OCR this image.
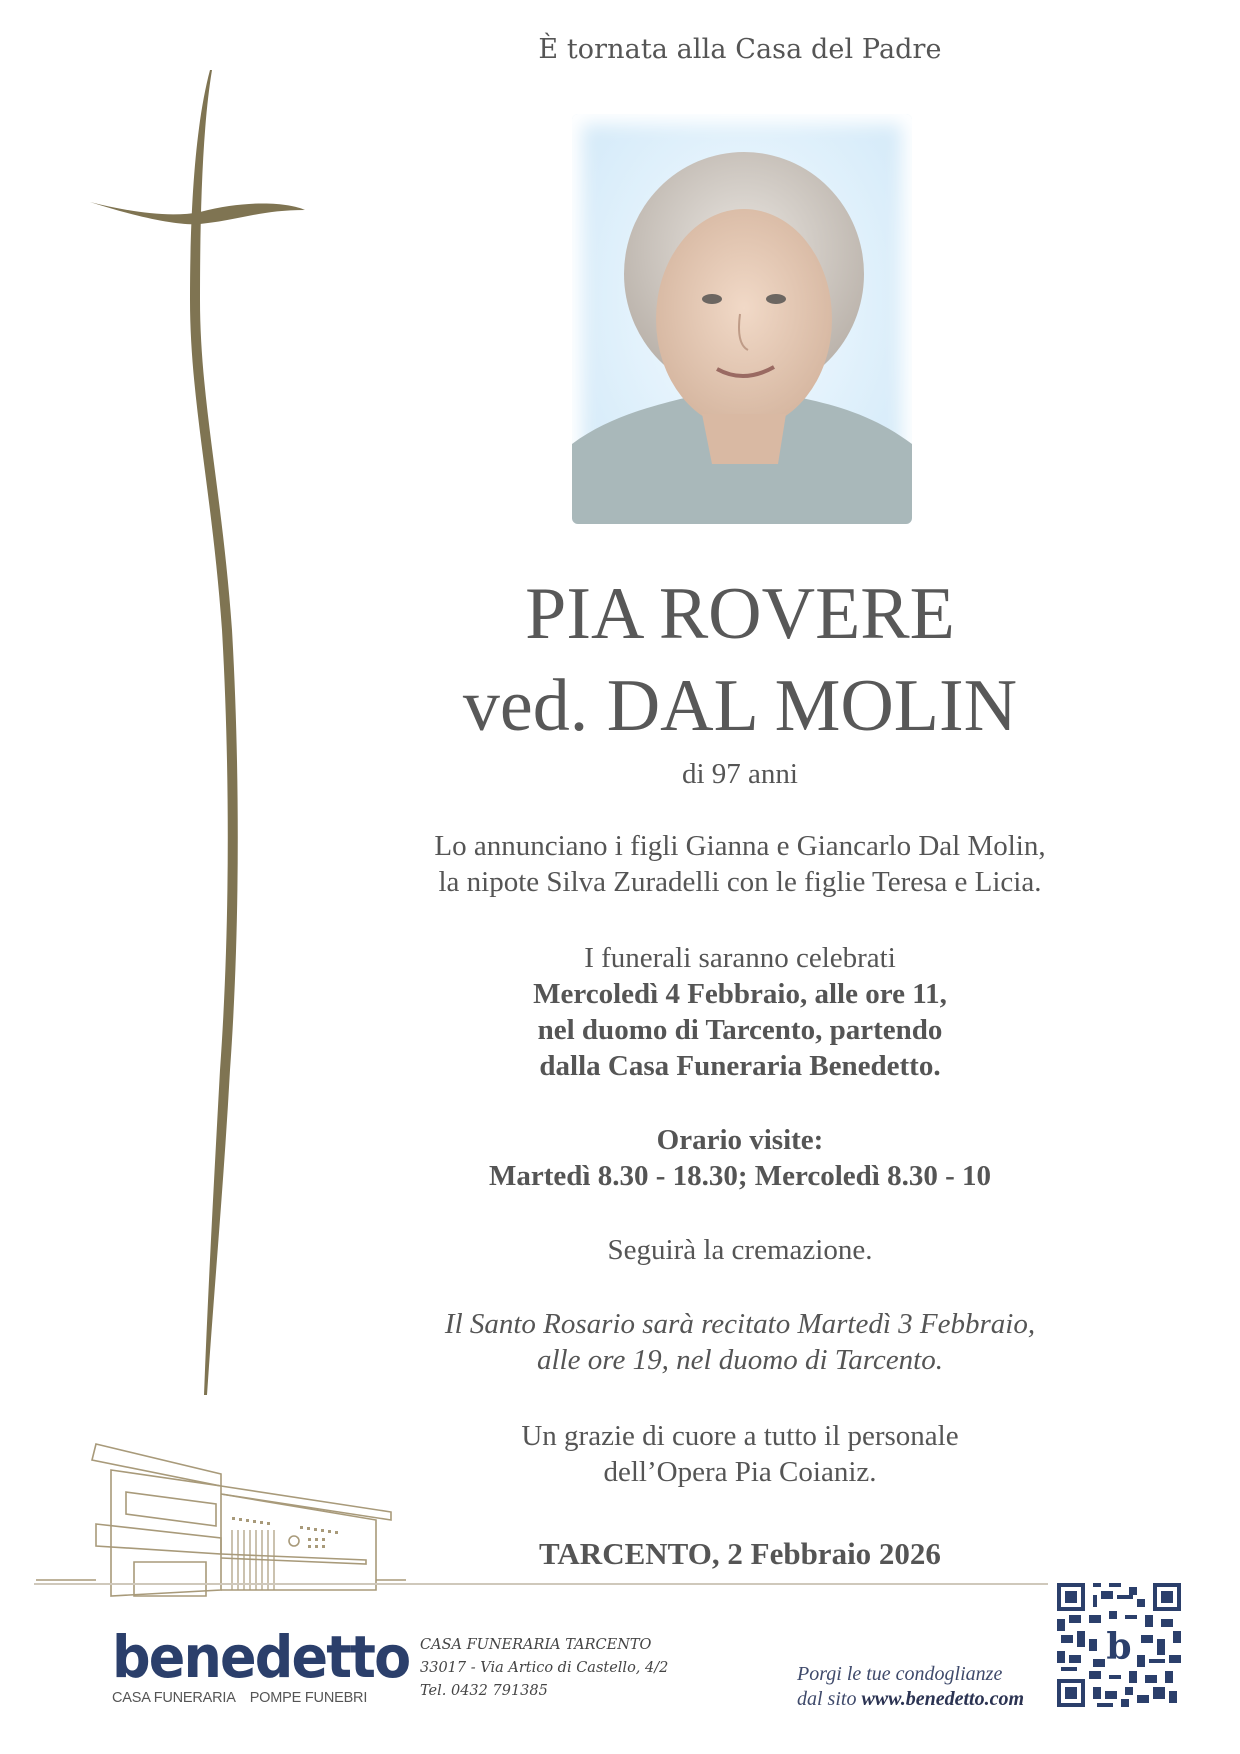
È tornata alla Casa del Padre
PIA ROVERE
ved. DAL MOLIN
di 97 anni
Lo annunciano i figli Gianna e Giancarlo Dal Molin,
la nipote Silva Zuradelli con le figlie Teresa e Licia.
I funerali saranno celebrati
Mercoledì 4 Febbraio, alle ore 11,
nel duomo di Tarcento, partendo
dalla Casa Funeraria Benedetto.
Orario visite:
Martedì 8.30 - 18.30; Mercoledì 8.30 - 10
Seguirà la cremazione.
Il Santo Rosario sarà recitato Martedì 3 Febbraio,
alle ore 19, nel duomo di Tarcento.
Un grazie di cuore a tutto il personale
dell’Opera Pia Coianiz.
TARCENTO, 2 Febbraio 2026
benedetto
CASA FUNERARIA POMPE FUNEBRI
CASA FUNERARIA TARCENTO
33017 - Via Artico di Castello, 4/2
Tel. 0432 791385
Porgi le tue condoglianze
dal sito www.benedetto.com
b
